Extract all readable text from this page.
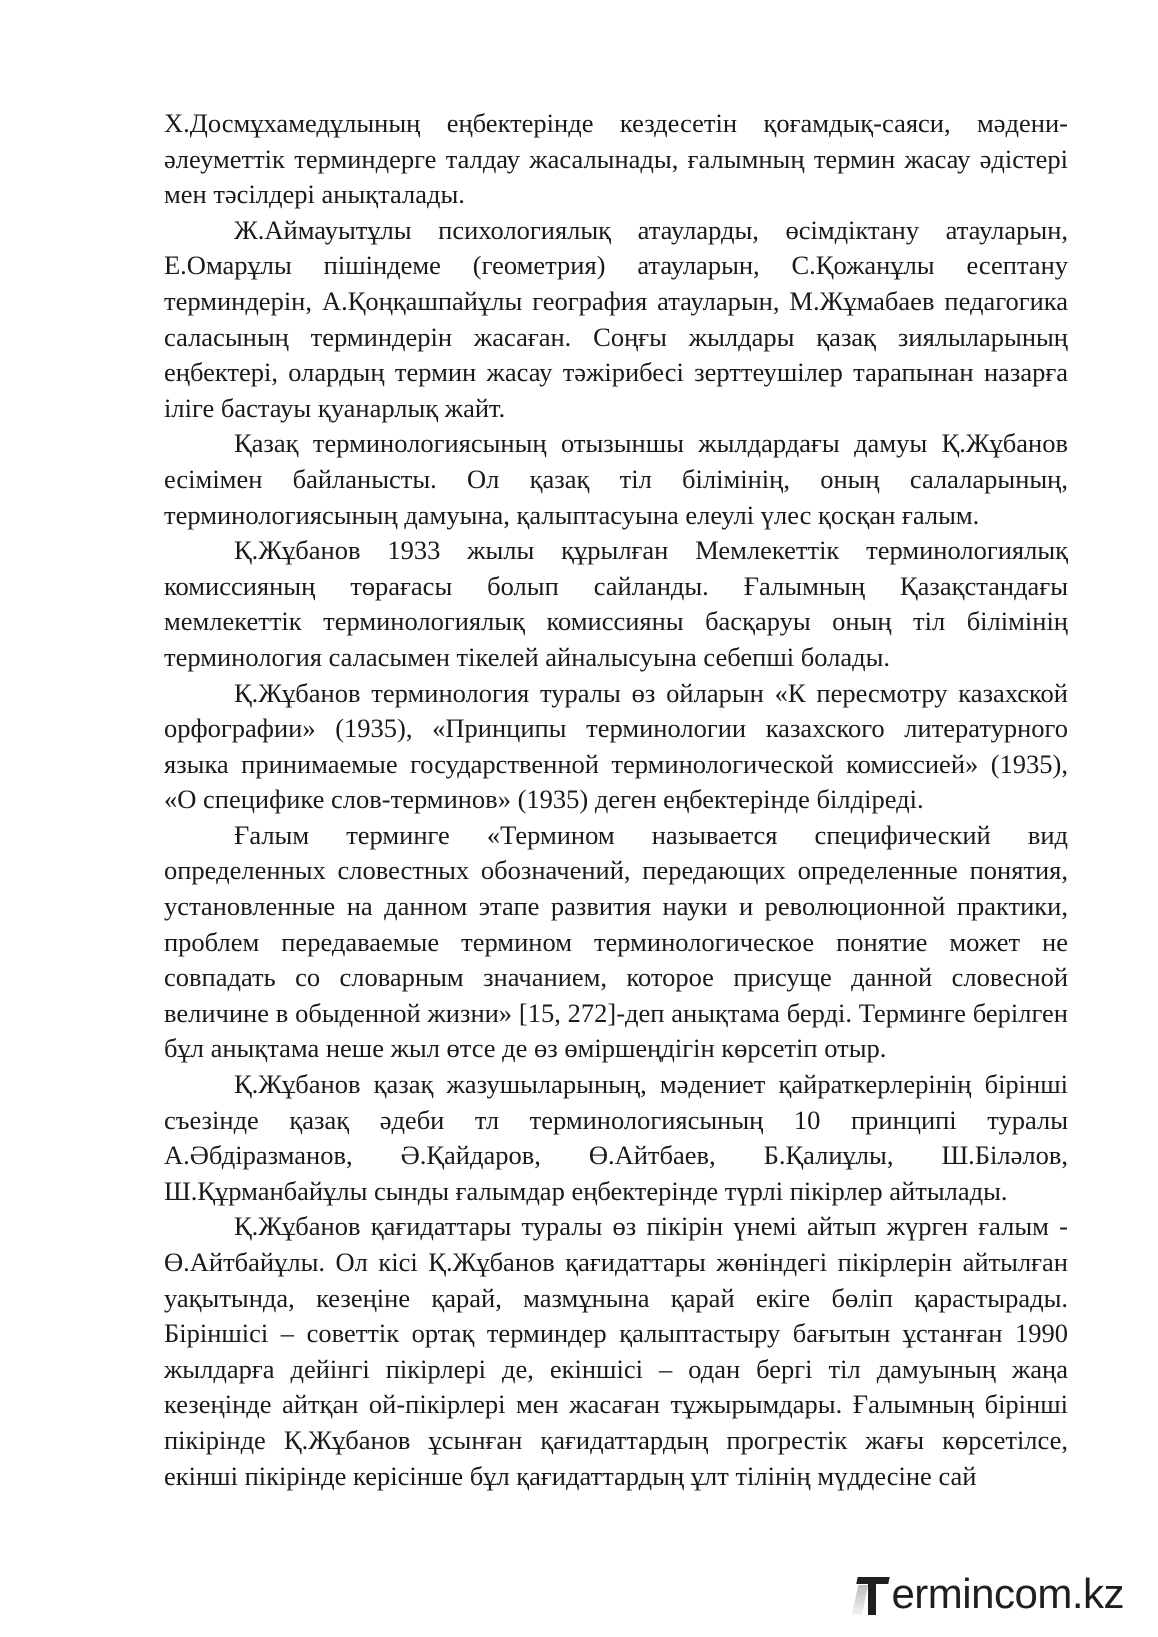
Х.Досмұхамедұлының еңбектерінде кездесетін қоғамдық-саяси, мәдени-әлеуметтік терминдерге талдау жасалынады, ғалымның термин жасау әдістері мен тәсілдері анықталады.

Ж.Аймауытұлы психологиялық атауларды, өсімдіктану атауларын, Е.Омарұлы пішіндеме (геометрия) атауларын, С.Қожанұлы есептану терминдерін, А.Қоңқашпайұлы география атауларын, М.Жұмабаев педагогика саласының терминдерін жасаған. Соңғы жылдары қазақ зиялыларының еңбектері, олардың термин жасау тәжірибесі зерттеушілер тарапынан назарға іліге бастауы қуанарлық жайт.

Қазақ терминологиясының отызыншы жылдардағы дамуы Қ.Жұбанов есімімен байланысты. Ол қазақ тіл білімінің, оның салаларының, терминологиясының дамуына, қалыптасуына елеулі үлес қосқан ғалым.

Қ.Жұбанов 1933 жылы құрылған Мемлекеттік терминологиялық комиссияның төрағасы болып сайланды. Ғалымның Қазақстандағы мемлекеттік терминологиялық комиссияны басқаруы оның тіл білімінің терминология саласымен тікелей айналысуына себепші болады.

Қ.Жұбанов терминология туралы өз ойларын «К пересмотру казахской орфографии» (1935), «Принципы терминологии казахского литературного языка принимаемые государственной терминологической комиссией» (1935), «О специфике слов-терминов» (1935) деген еңбектерінде білдіреді.

Ғалым терминге «Термином называется специфический вид определенных словестных обозначений, передающих определенные понятия, установленные на данном этапе развития науки и революционной практики, проблем передаваемые термином терминологическое понятие может не совпадать со словарным значанием, которое присуще данной словесной величине в обыденной жизни» [15, 272]-деп анықтама берді. Терминге берілген бұл анықтама неше жыл өтсе де өз өміршеңдігін көрсетіп отыр.

Қ.Жұбанов қазақ жазушыларының, мәдениет қайраткерлерінің бірінші съезінде қазақ әдеби тл терминологиясының 10 принципі туралы А.Әбдіразманов, Ә.Қайдаров, Ө.Айтбаев, Б.Қалиұлы, Ш.Біләлов, Ш.Құрманбайұлы сынды ғалымдар еңбектерінде түрлі пікірлер айтылады.

Қ.Жұбанов қағидаттары туралы өз пікірін үнемі айтып жүрген ғалым - Ө.Айтбайұлы. Ол кісі Қ.Жұбанов қағидаттары жөніндегі пікірлерін айтылған уақытында, кезеңіне қарай, мазмұнына қарай екіге бөліп қарастырады. Біріншісі – советтік ортақ терминдер қалыптастыру бағытын ұстанған 1990 жылдарға дейінгі пікірлері де, екіншісі – одан бергі тіл дамуының жаңа кезеңінде айтқан ой-пікірлері мен жасаған тұжырымдары. Ғалымның бірінші пікірінде Қ.Жұбанов ұсынған қағидаттардың прогрестік жағы көрсетілсе, екінші пікірінде керісінше бұл қағидаттардың ұлт тілінің мүддесіне сай

ermincom.kz
